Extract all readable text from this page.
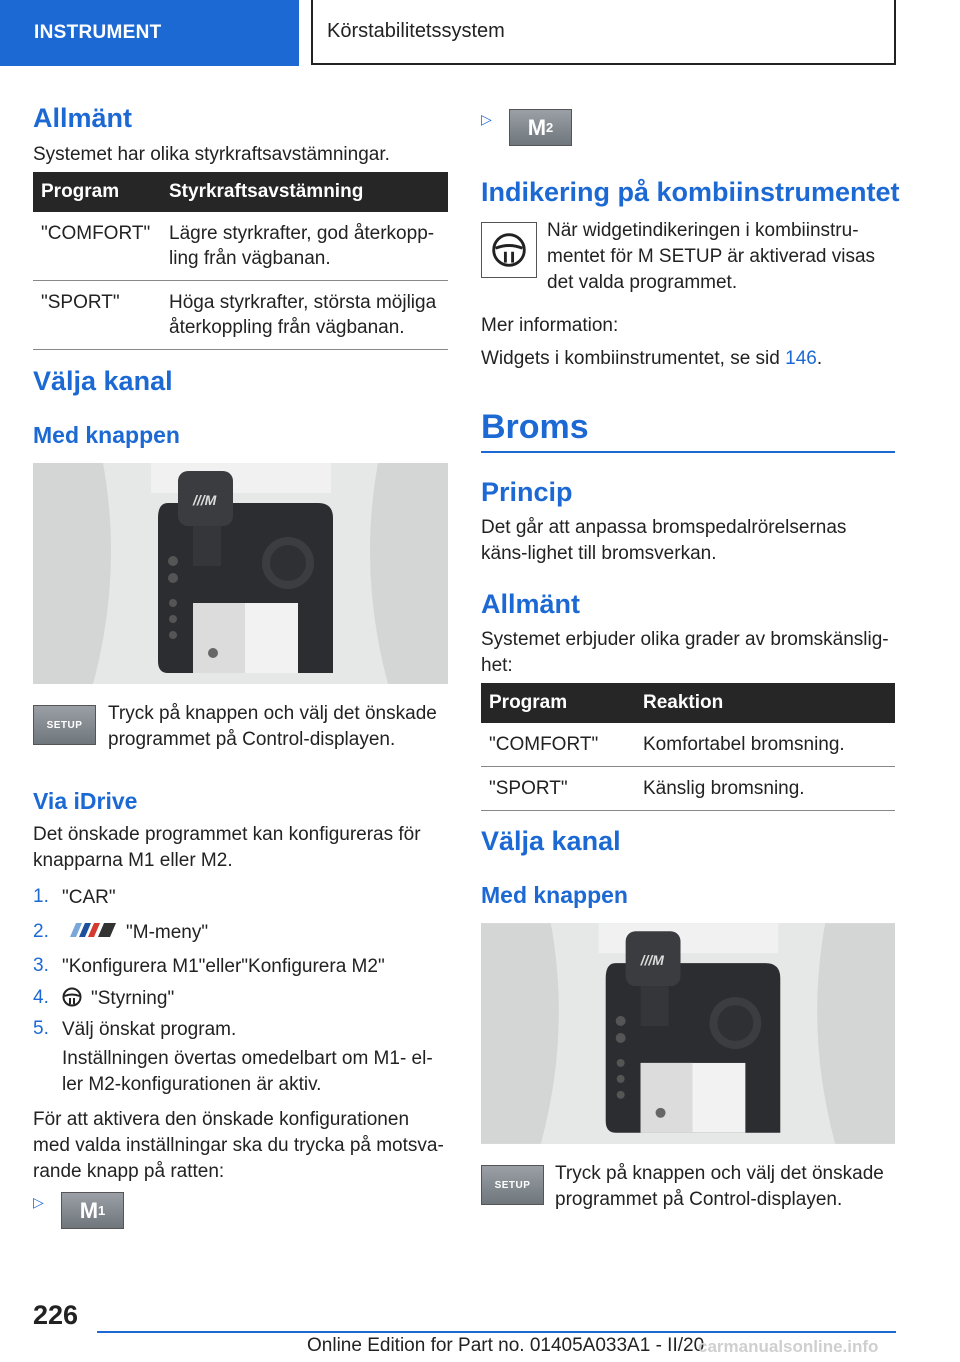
INSTRUMENT	Körstabilitetssystem
Allmänt
Systemet har olika styrkraftsavstämningar.
Program	Styrkraftsavstämning
"COMFORT"	Lägre styrkrafter, god återkopp-ling från vägbanan.
"SPORT"	Höga styrkrafter, största möjliga återkoppling från vägbanan.
Välja kanal
Med knappen
///M
SETUP
Tryck på knappen och välj det önskade programmet på Control-displayen.
Via iDrive
Det önskade programmet kan konfigureras för knapparna M1 eller M2.
1. "CAR"
2.	"M-meny"
3. "Konfigurera M1"eller"Konfigurera M2"
4. "Styrning"
5. Välj önskat program.
Inställningen övertas omedelbart om M1- el-ler M2-konfigurationen är aktiv.
För att aktivera den önskade konfigurationen med valda inställningar ska du trycka på motsva-rande knapp på ratten:
▷ M 1
▷ M 2
Indikering på kombiinstrumentet
När widgetindikeringen i kombiinstru-mentet för M SETUP är aktiverad visas det valda programmet.
Mer information:
Widgets i kombiinstrumentet, se sid 146.
Broms
Princip
Det går att anpassa bromspedalrörelsernas käns-lighet till bromsverkan.
Allmänt
Systemet erbjuder olika grader av bromskänslig-het:
Program	Reaktion
"COMFORT"	Komfortabel bromsning.
"SPORT"	Känslig bromsning.
Välja kanal
Med knappen
///M
SETUP
Tryck på knappen och välj det önskade programmet på Control-displayen.
226
Online Edition for Part no. 01405A033A1 - II/20
carmanualsonline.info
